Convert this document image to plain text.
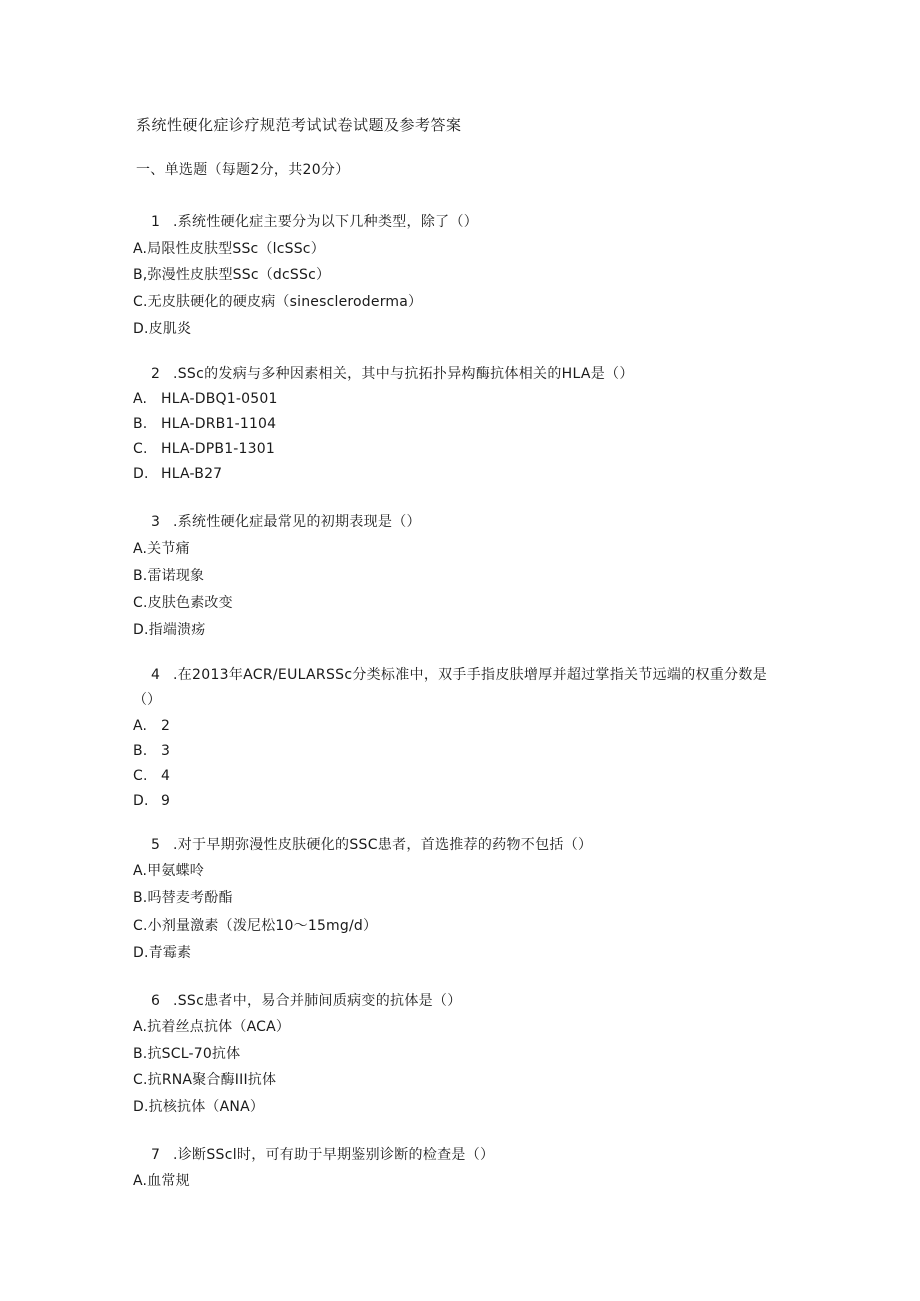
系统性硬化症诊疗规范考试试卷试题及参考答案
一、单选题（每题2分，共20分）
1 .系统性硬化症主要分为以下几种类型，除了（）
A.局限性皮肤型SSc（lcSSc）
B,弥漫性皮肤型SSc（dcSSc）
C.无皮肤硬化的硬皮病（sinescleroderma）
D.皮肌炎
2 .SSc的发病与多种因素相关，其中与抗拓扑异构酶抗体相关的HLA是（）
A. HLA-DBQ1-0501
B. HLA-DRB1-1104
C. HLA-DPB1-1301
D. HLA-B27
3 .系统性硬化症最常见的初期表现是（）
A.关节痛
B.雷诺现象
C.皮肤色素改变
D.指端溃疡
4 .在2013年ACR/EULARSSc分类标准中，双手手指皮肤增厚并超过掌指关节远端的权重分数是
（）
A. 2
B. 3
C. 4
D. 9
5 .对于早期弥漫性皮肤硬化的SSC患者，首选推荐的药物不包括（）
A.甲氨蝶呤
B.吗替麦考酚酯
C.小剂量激素（泼尼松10〜15mg/d）
D.青霉素
6 .SSc患者中，易合并肺间质病变的抗体是（）
A.抗着丝点抗体（ACA）
B.抗SCL-70抗体
C.抗RNA聚合酶III抗体
D.抗核抗体（ANA）
7 .诊断SScl时，可有助于早期鉴别诊断的检查是（）
A.血常规
